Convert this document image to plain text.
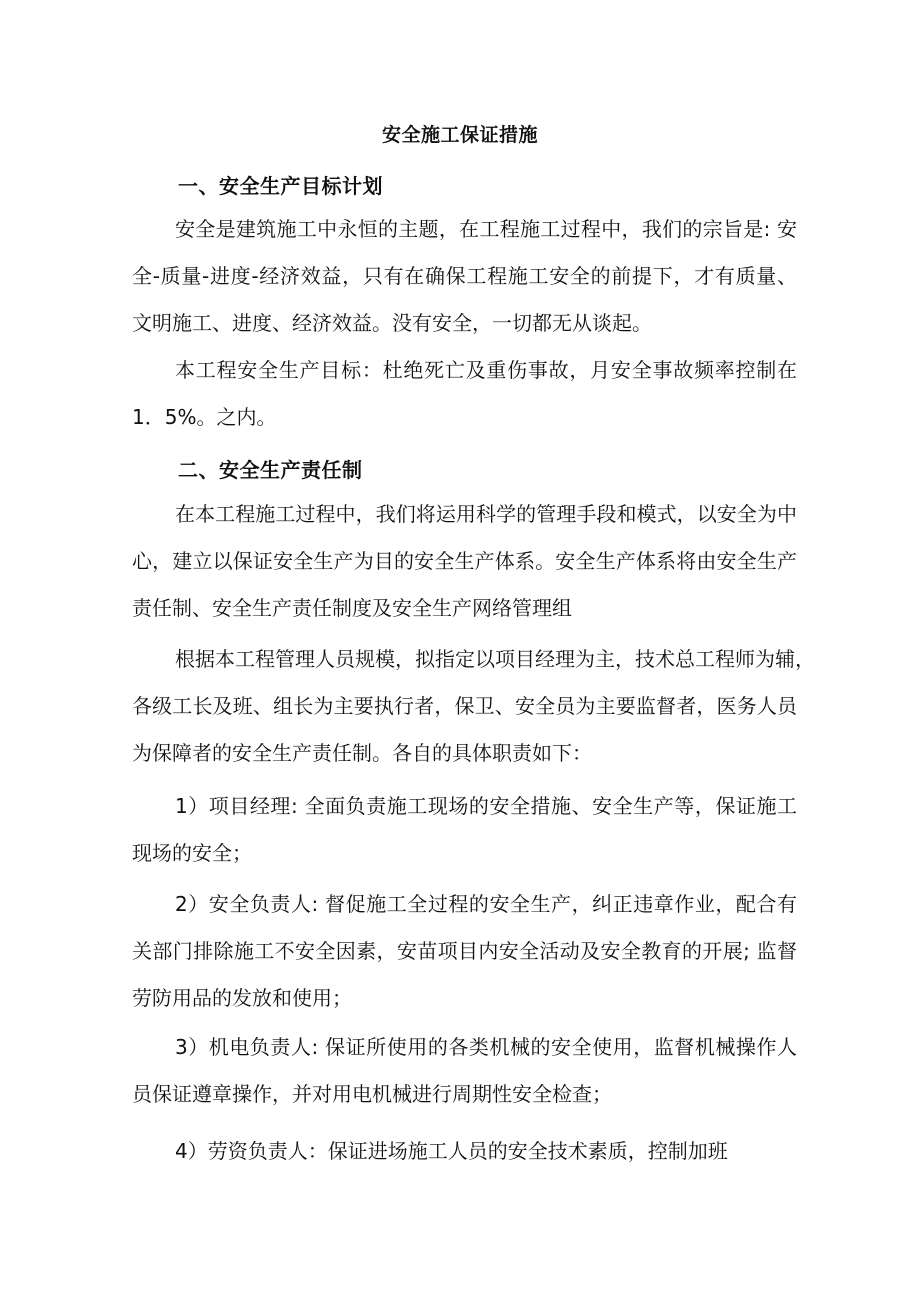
安全施工保证措施
一、安全生产目标计划
安全是建筑施工中永恒的主题，在工程施工过程中，我们的宗旨是: 安
全-质量-进度-经济效益，只有在确保工程施工安全的前提下，才有质量、
文明施工、进度、经济效益。没有安全，一切都无从谈起。
本工程安全生产目标：杜绝死亡及重伤事故，月安全事故频率控制在
1．5%。之内。
二、安全生产责任制
在本工程施工过程中，我们将运用科学的管理手段和模式，以安全为中
心，建立以保证安全生产为目的安全生产体系。安全生产体系将由安全生产
责任制、安全生产责任制度及安全生产网络管理组
根据本工程管理人员规模，拟指定以项目经理为主，技术总工程师为辅，
各级工长及班、组长为主要执行者，保卫、安全员为主要监督者，医务人员
为保障者的安全生产责任制。各自的具体职责如下：
1）项目经理: 全面负责施工现场的安全措施、安全生产等，保证施工
现场的安全；
2）安全负责人: 督促施工全过程的安全生产，纠正违章作业，配合有
关部门排除施工不安全因素，安苗项目内安全活动及安全教育的开展; 监督
劳防用品的发放和使用；
3）机电负责人: 保证所使用的各类机械的安全使用，监督机械操作人
员保证遵章操作，并对用电机械进行周期性安全检查；
4）劳资负责人：保证进场施工人员的安全技术素质，控制加班
